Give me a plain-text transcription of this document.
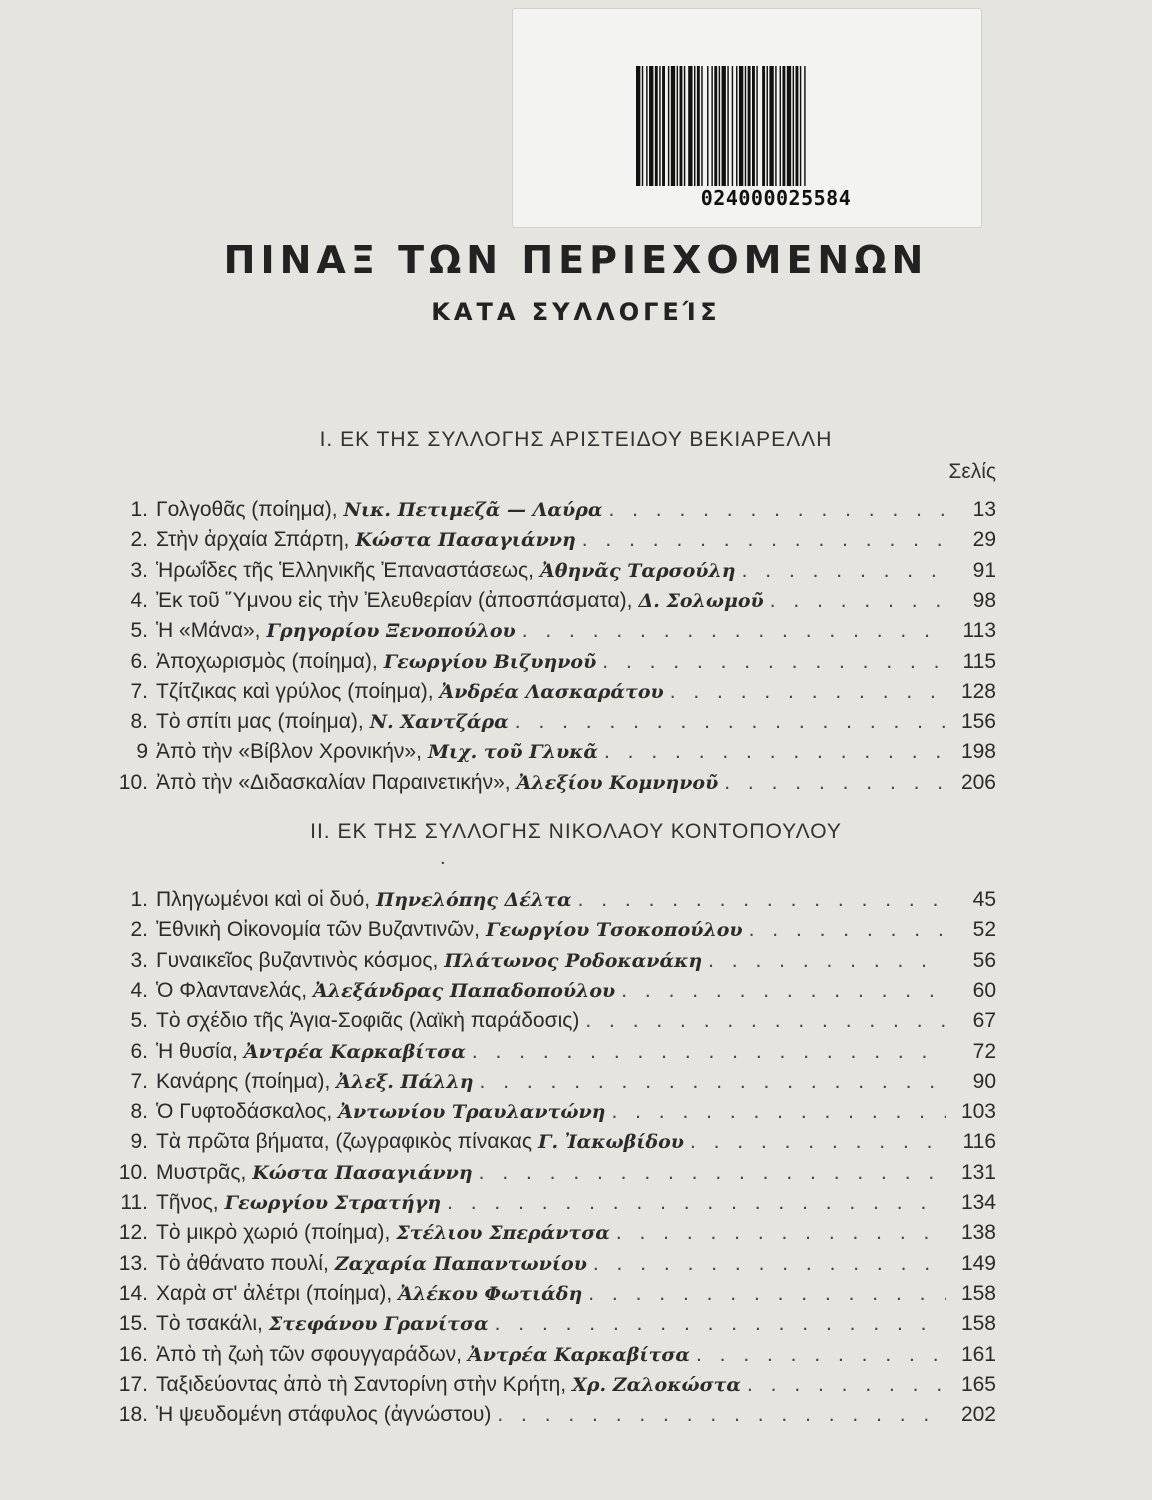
024000025584
ΠΙΝΑΞ ΤΩΝ ΠΕΡΙΕΧΟΜΕΝΩΝ
ΚΑΤΑ ΣΥΛΛΟΓΕΊΣ
Ι. ΕΚ ΤΗΣ ΣΥΛΛΟΓΗΣ ΑΡΙΣΤΕΙΔΟΥ ΒΕΚΙΑΡΕΛΛΗ
Σελίς
ΙΙ. ΕΚ ΤΗΣ ΣΥΛΛΟΓΗΣ ΝΙΚΟΛΑΟΥ ΚΟΝΤΟΠΟΥΛΟΥ
·
1. Γολγοθᾶς (ποίημα), Νικ. Πετιμεζᾶ — Λαύρα . . .	13
2. Στὴν ἀρχαία Σπάρτη, Κώστα Πασαγιάννη . . .	29
3. Ἡρωΐδες τῆς Ἑλληνικῆς Ἐπαναστάσεως, Ἀθηνᾶς Ταρσούλη . . .	91
4. Ἐκ τοῦ Ὕμνου εἰς τὴν Ἐλευθερίαν (ἀποσπάσματα), Δ. Σολωμοῦ . . .	98
5. Ἡ «Μάνα», Γρηγορίου Ξενοπούλου . . .	113
6. Ἀποχωρισμὸς (ποίημα), Γεωργίου Βιζυηνοῦ . . .	115
7. Τζίτζικας καὶ γρύλος (ποίημα), Ἀνδρέα Λασκαράτου . . .	128
8. Τὸ σπίτι μας (ποίημα), Ν. Χαντζάρα . . .	156
9 Ἀπὸ τὴν «Βίβλον Χρονικήν», Μιχ. τοῦ Γλυκᾶ . . .	198
10. Ἀπὸ τὴν «Διδασκαλίαν Παραινετικήν», Ἀλεξίου Κομνηνοῦ . . .	206
1. Πληγωμένοι καὶ οἱ δυό, Πηνελόπης Δέλτα . . .	45
2. Ἐθνικὴ Οἰκονομία τῶν Βυζαντινῶν, Γεωργίου Τσοκοπούλου . . .	52
3. Γυναικεῖος βυζαντινὸς κόσμος, Πλάτωνος Ροδοκανάκη . . .	56
4. Ὁ Φλαντανελάς, Ἀλεξάνδρας Παπαδοπούλου . . .	60
5. Τὸ σχέδιο τῆς Ἁγια-Σοφιᾶς (λαϊκὴ παράδοσις) . . .	67
6. Ἡ θυσία, Ἀντρέα Καρκαβίτσα . . .	72
7. Κανάρης (ποίημα), Ἀλεξ. Πάλλη . . .	90
8. Ὁ Γυφτοδάσκαλος, Ἀντωνίου Τραυλαντώνη . . .	103
9. Τὰ πρῶτα βήματα, (ζωγραφικὸς πίνακας Γ. Ἰακωβίδου . . .	116
10. Μυστρᾶς, Κώστα Πασαγιάννη . . .	131
11. Τῆνος, Γεωργίου Στρατήγη . . .	134
12. Τὸ μικρὸ χωριό (ποίημα), Στέλιου Σπεράντσα . . .	138
13. Τὸ ἀθάνατο πουλί, Ζαχαρία Παπαντωνίου . . .	149
14. Χαρὰ στ' ἀλέτρι (ποίημα), Ἀλέκου Φωτιάδη . . .	158
15. Τὸ τσακάλι, Στεφάνου Γρανίτσα . . .	158
16. Ἀπὸ τὴ ζωὴ τῶν σφουγγαράδων, Ἀντρέα Καρκαβίτσα . . .	161
17. Ταξιδεύοντας ἀπὸ τὴ Σαντορίνη στὴν Κρήτη, Χρ. Ζαλοκώστα . . .	165
18. Ἡ ψευδομένη στάφυλος (ἀγνώστου) . . .	202
